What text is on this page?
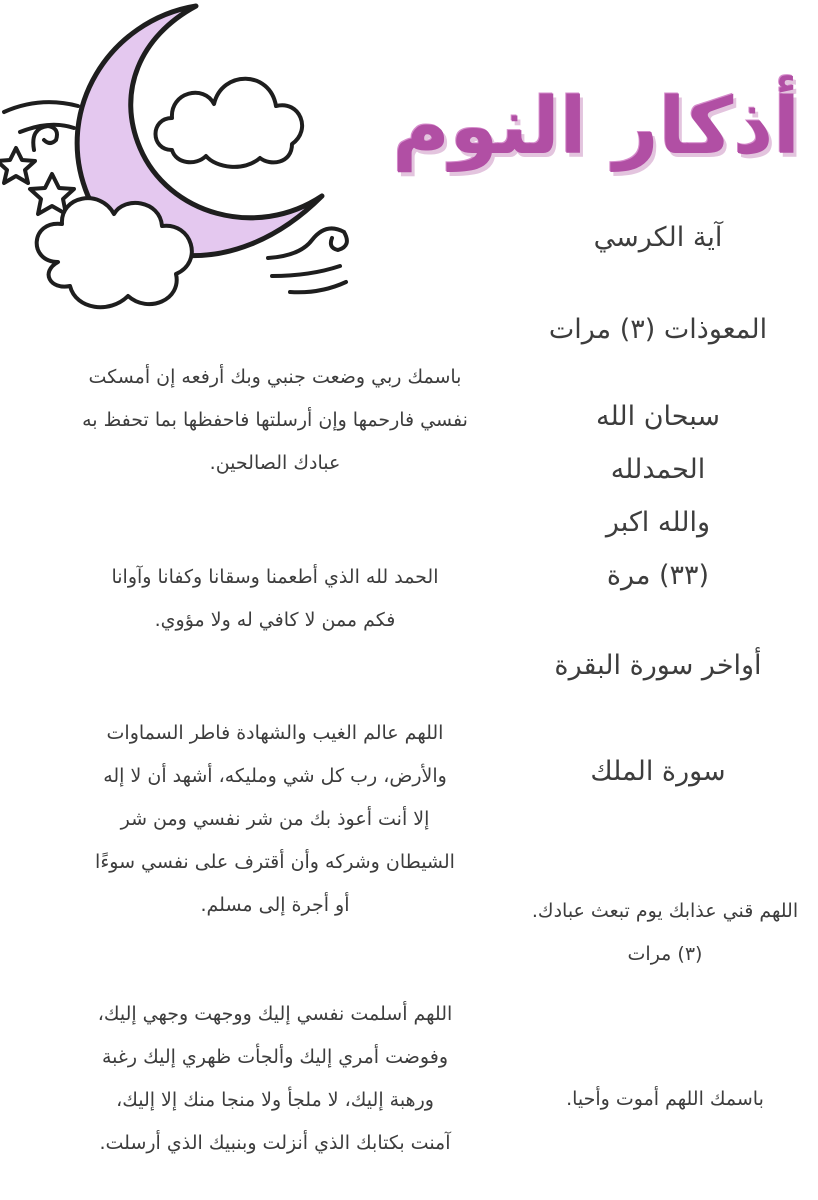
أذكار النوم
آية الكرسي
المعوذات (٣) مرات
سبحان الله
الحمدلله
والله اكبر
(٣٣) مرة
أواخر سورة البقرة
سورة الملك
اللهم قني عذابك يوم تبعث عبادك.
(٣) مرات
باسمك اللهم أموت وأحيا.
باسمك ربي وضعت جنبي وبك أرفعه إن أمسكت
نفسي فارحمها وإن أرسلتها فاحفظها بما تحفظ به
عبادك الصالحين.
الحمد لله الذي أطعمنا وسقانا وكفانا وآوانا
فكم ممن لا كافي له ولا مؤوي.
اللهم عالم الغيب والشهادة فاطر السماوات
والأرض، رب كل شي ومليكه، أشهد أن لا إله
إلا أنت أعوذ بك من شر نفسي ومن شر
الشيطان وشركه وأن أقترف على نفسي سوءًا
أو أجرة إلى مسلم.
اللهم أسلمت نفسي إليك ووجهت وجهي إليك،
وفوضت أمري إليك وألجأت ظهري إليك رغبة
ورهبة إليك، لا ملجأ ولا منجا منك إلا إليك،
آمنت بكتابك الذي أنزلت وبنبيك الذي أرسلت.
